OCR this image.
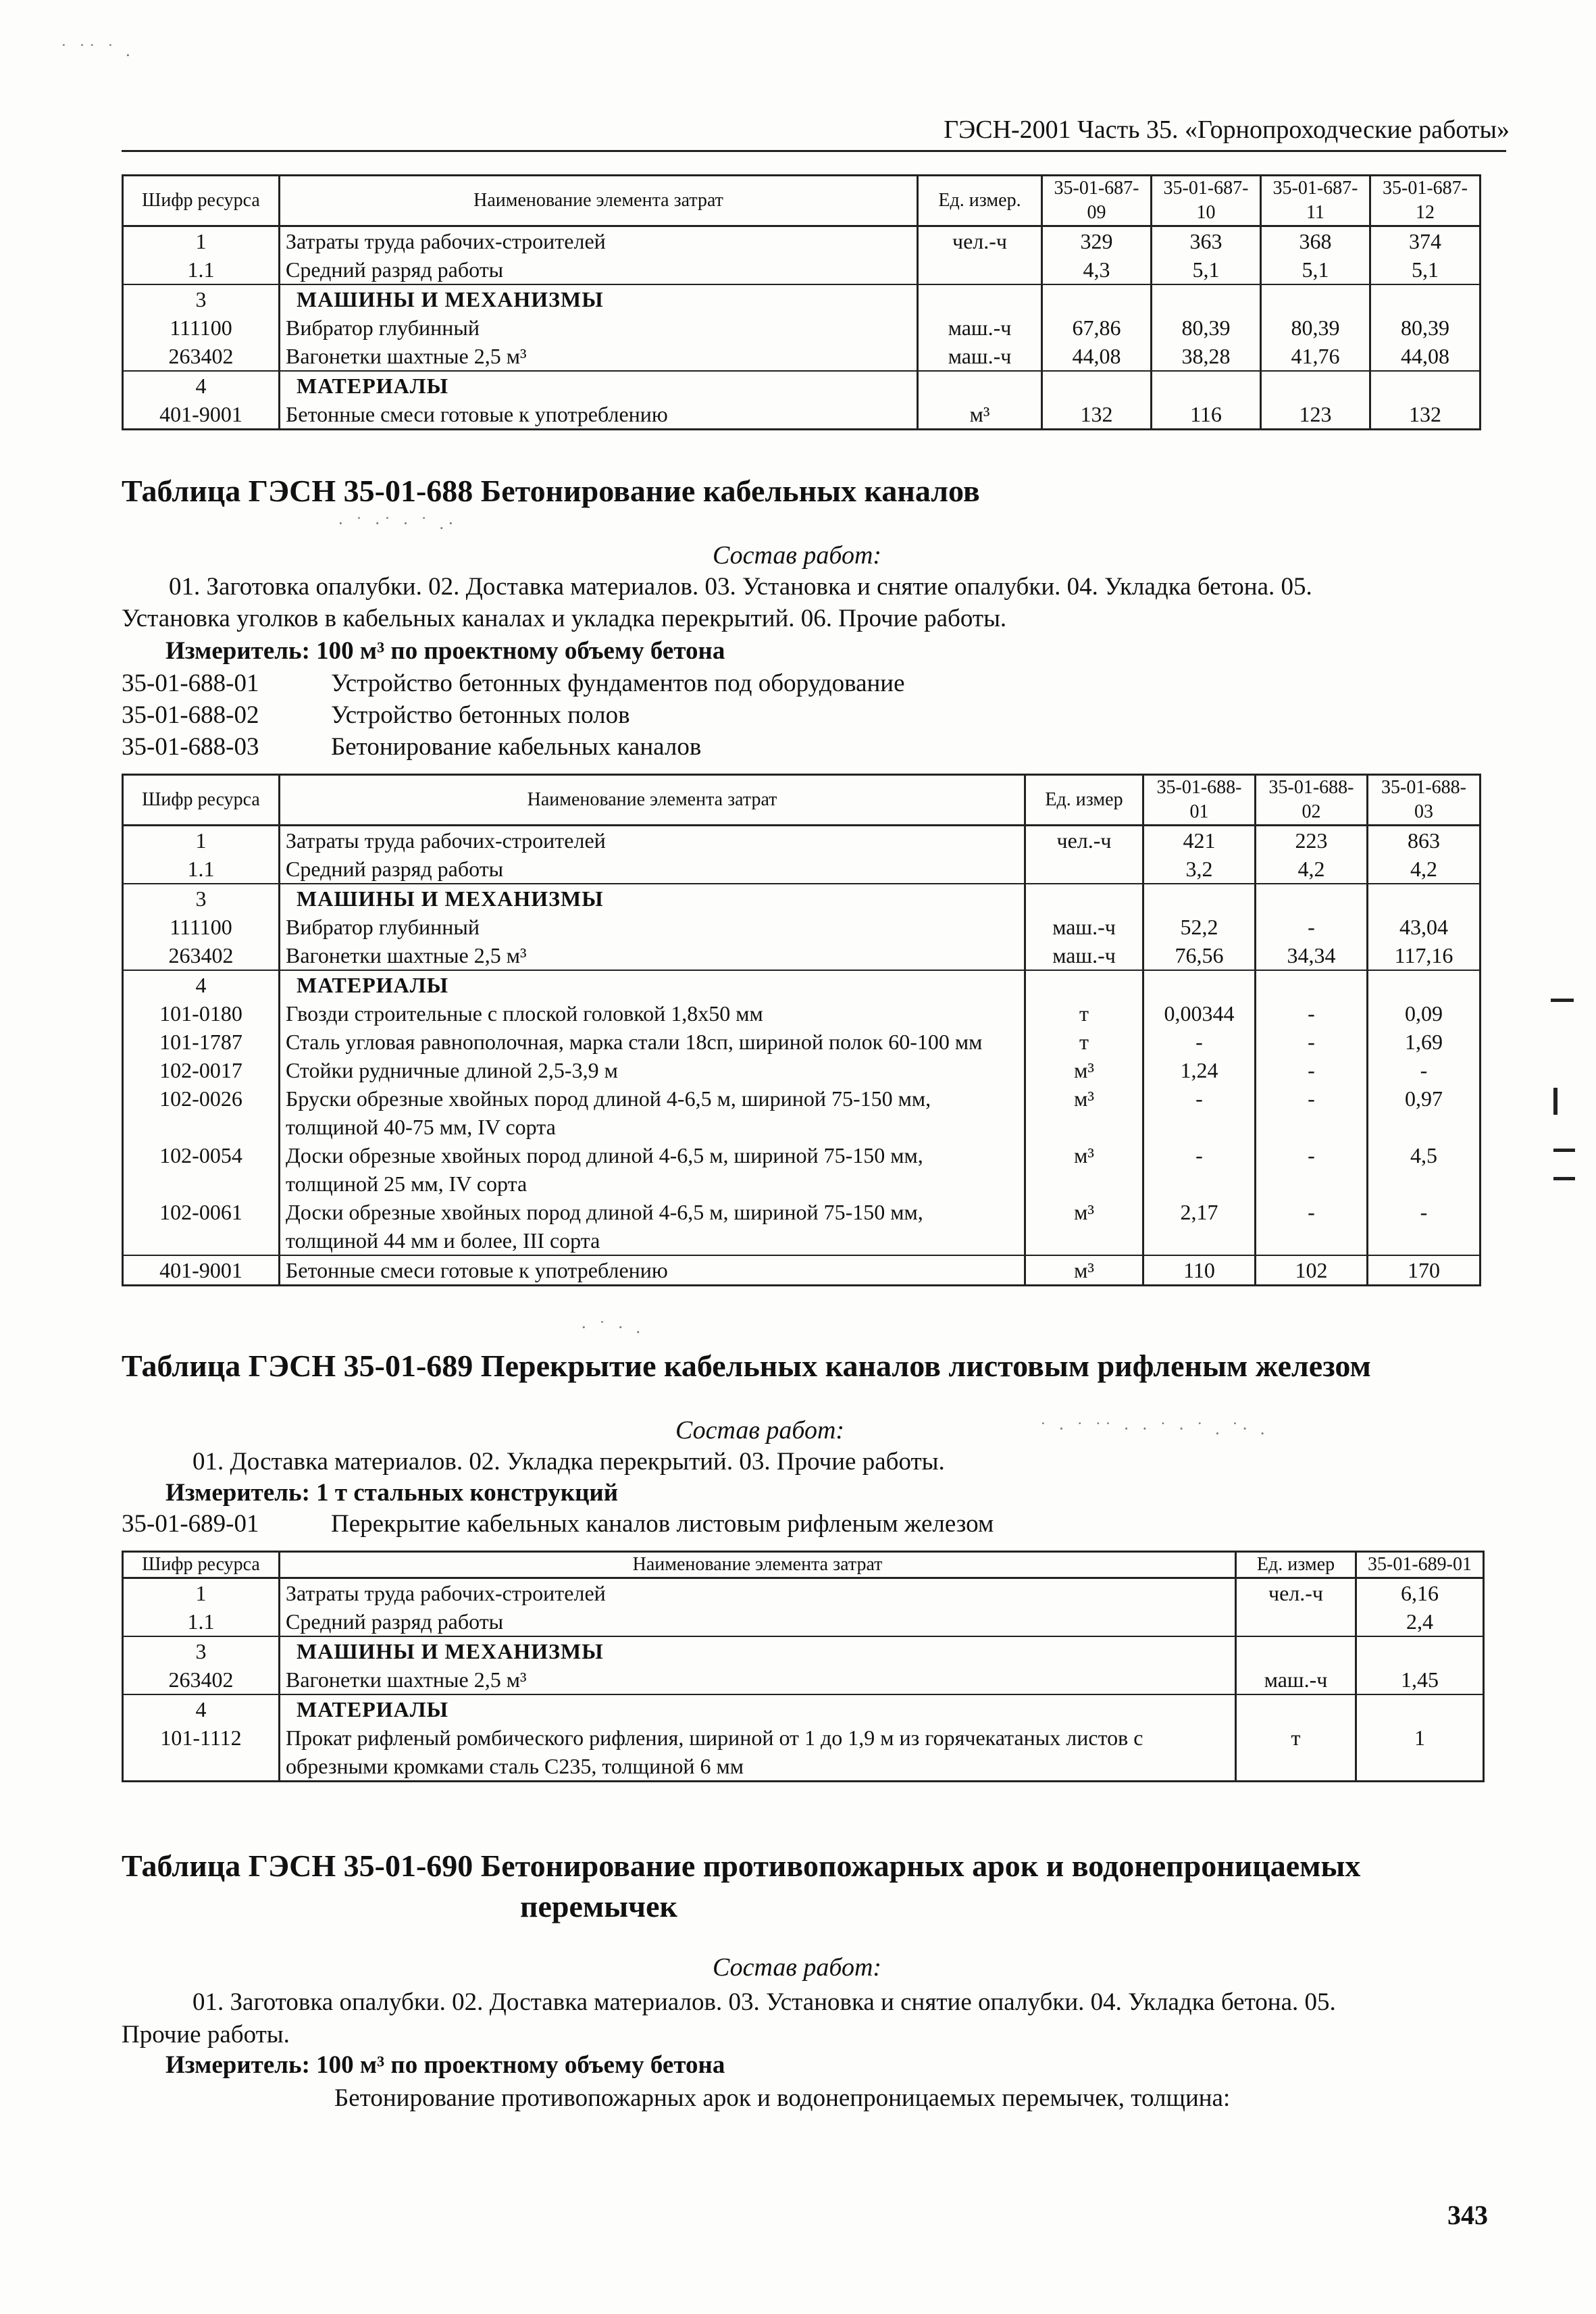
˙ ˙˙ ˙ .
ГЭСН-2001 Часть 35. «Горнопроходческие работы»
Шифр ресурса	Наименование элемента затрат	Ед. измер.	35-01-687-09	35-01-687-10	35-01-687-11	35-01-687-12
1	Затраты труда рабочих-строителей	чел.-ч	329	363	368	374
1.1	Средний разряд работы		4,3	5,1	5,1	5,1
3	МАШИНЫ И МЕХАНИЗМЫ					
111100	Вибратор глубинный	маш.-ч	67,86	80,39	80,39	80,39
263402	Вагонетки шахтные 2,5 м³	маш.-ч	44,08	38,28	41,76	44,08
4	МАТЕРИАЛЫ					
401-9001	Бетонные смеси готовые к употреблению	м³	132	116	123	132
Таблица ГЭСН 35-01-688 Бетонирование кабельных каналов
· ˙ ·˙ · ˙ .·
Состав работ:
01. Заготовка опалубки. 02. Доставка материалов. 03. Установка и снятие опалубки. 04. Укладка бетона. 05.
Установка уголков в кабельных каналах и укладка перекрытий. 06. Прочие работы.
Измеритель: 100 м³ по проектному объему бетона
35-01-688-01	Устройство бетонных фундаментов под оборудование
35-01-688-02	Устройство бетонных полов
35-01-688-03	Бетонирование кабельных каналов
Шифр ресурса	Наименование элемента затрат	Ед. измер	35-01-688-01	35-01-688-02	35-01-688-03
1	Затраты труда рабочих-строителей	чел.-ч	421	223	863
1.1	Средний разряд работы		3,2	4,2	4,2
3	МАШИНЫ И МЕХАНИЗМЫ				
111100	Вибратор глубинный	маш.-ч	52,2	-	43,04
263402	Вагонетки шахтные 2,5 м³	маш.-ч	76,56	34,34	117,16
4	МАТЕРИАЛЫ				
101-0180	Гвозди строительные с плоской головкой 1,8х50 мм	т	0,00344	-	0,09
101-1787	Сталь угловая равнополочная, марка стали 18сп, шириной полок 60-100 мм	т	-	-	1,69
102-0017	Стойки рудничные длиной 2,5-3,9 м	м³	1,24	-	-
102-0026	Бруски обрезные хвойных пород длиной 4-6,5 м, шириной 75-150 мм, толщиной 40-75 мм, IV сорта	м³	-	-	0,97
102-0054	Доски обрезные хвойных пород длиной 4-6,5 м, шириной 75-150 мм, толщиной 25 мм, IV сорта	м³	-	-	4,5
102-0061	Доски обрезные хвойных пород длиной 4-6,5 м, шириной 75-150 мм, толщиной 44 мм и более, III сорта	м³	2,17	-	-
401-9001	Бетонные смеси готовые к употреблению	м³	110	102	170
· ˙ · .
Таблица ГЭСН 35-01-689 Перекрытие кабельных каналов листовым рифленым железом
Состав работ:	˙ · ˙ ˙˙ · · ˙ · ˙ . ˙· .
01. Доставка материалов. 02. Укладка перекрытий. 03. Прочие работы.
Измеритель: 1 т стальных конструкций
35-01-689-01	Перекрытие кабельных каналов листовым рифленым железом
Шифр ресурса	Наименование элемента затрат	Ед. измер	35-01-689-01
1	Затраты труда рабочих-строителей	чел.-ч	6,16
1.1	Средний разряд работы		2,4
3	МАШИНЫ И МЕХАНИЗМЫ		
263402	Вагонетки шахтные 2,5 м³	маш.-ч	1,45
4	МАТЕРИАЛЫ		
101-1112	Прокат рифленый ромбического рифления, шириной от 1 до 1,9 м из горячекатаных листов с обрезными кромками сталь С235, толщиной 6 мм	т	1
Таблица ГЭСН 35-01-690 Бетонирование противопожарных арок и водонепроницаемых
перемычек
Состав работ:
01. Заготовка опалубки. 02. Доставка материалов. 03. Установка и снятие опалубки. 04. Укладка бетона. 05.
Прочие работы.
Измеритель: 100 м³ по проектному объему бетона
Бетонирование противопожарных арок и водонепроницаемых перемычек, толщина:
343
